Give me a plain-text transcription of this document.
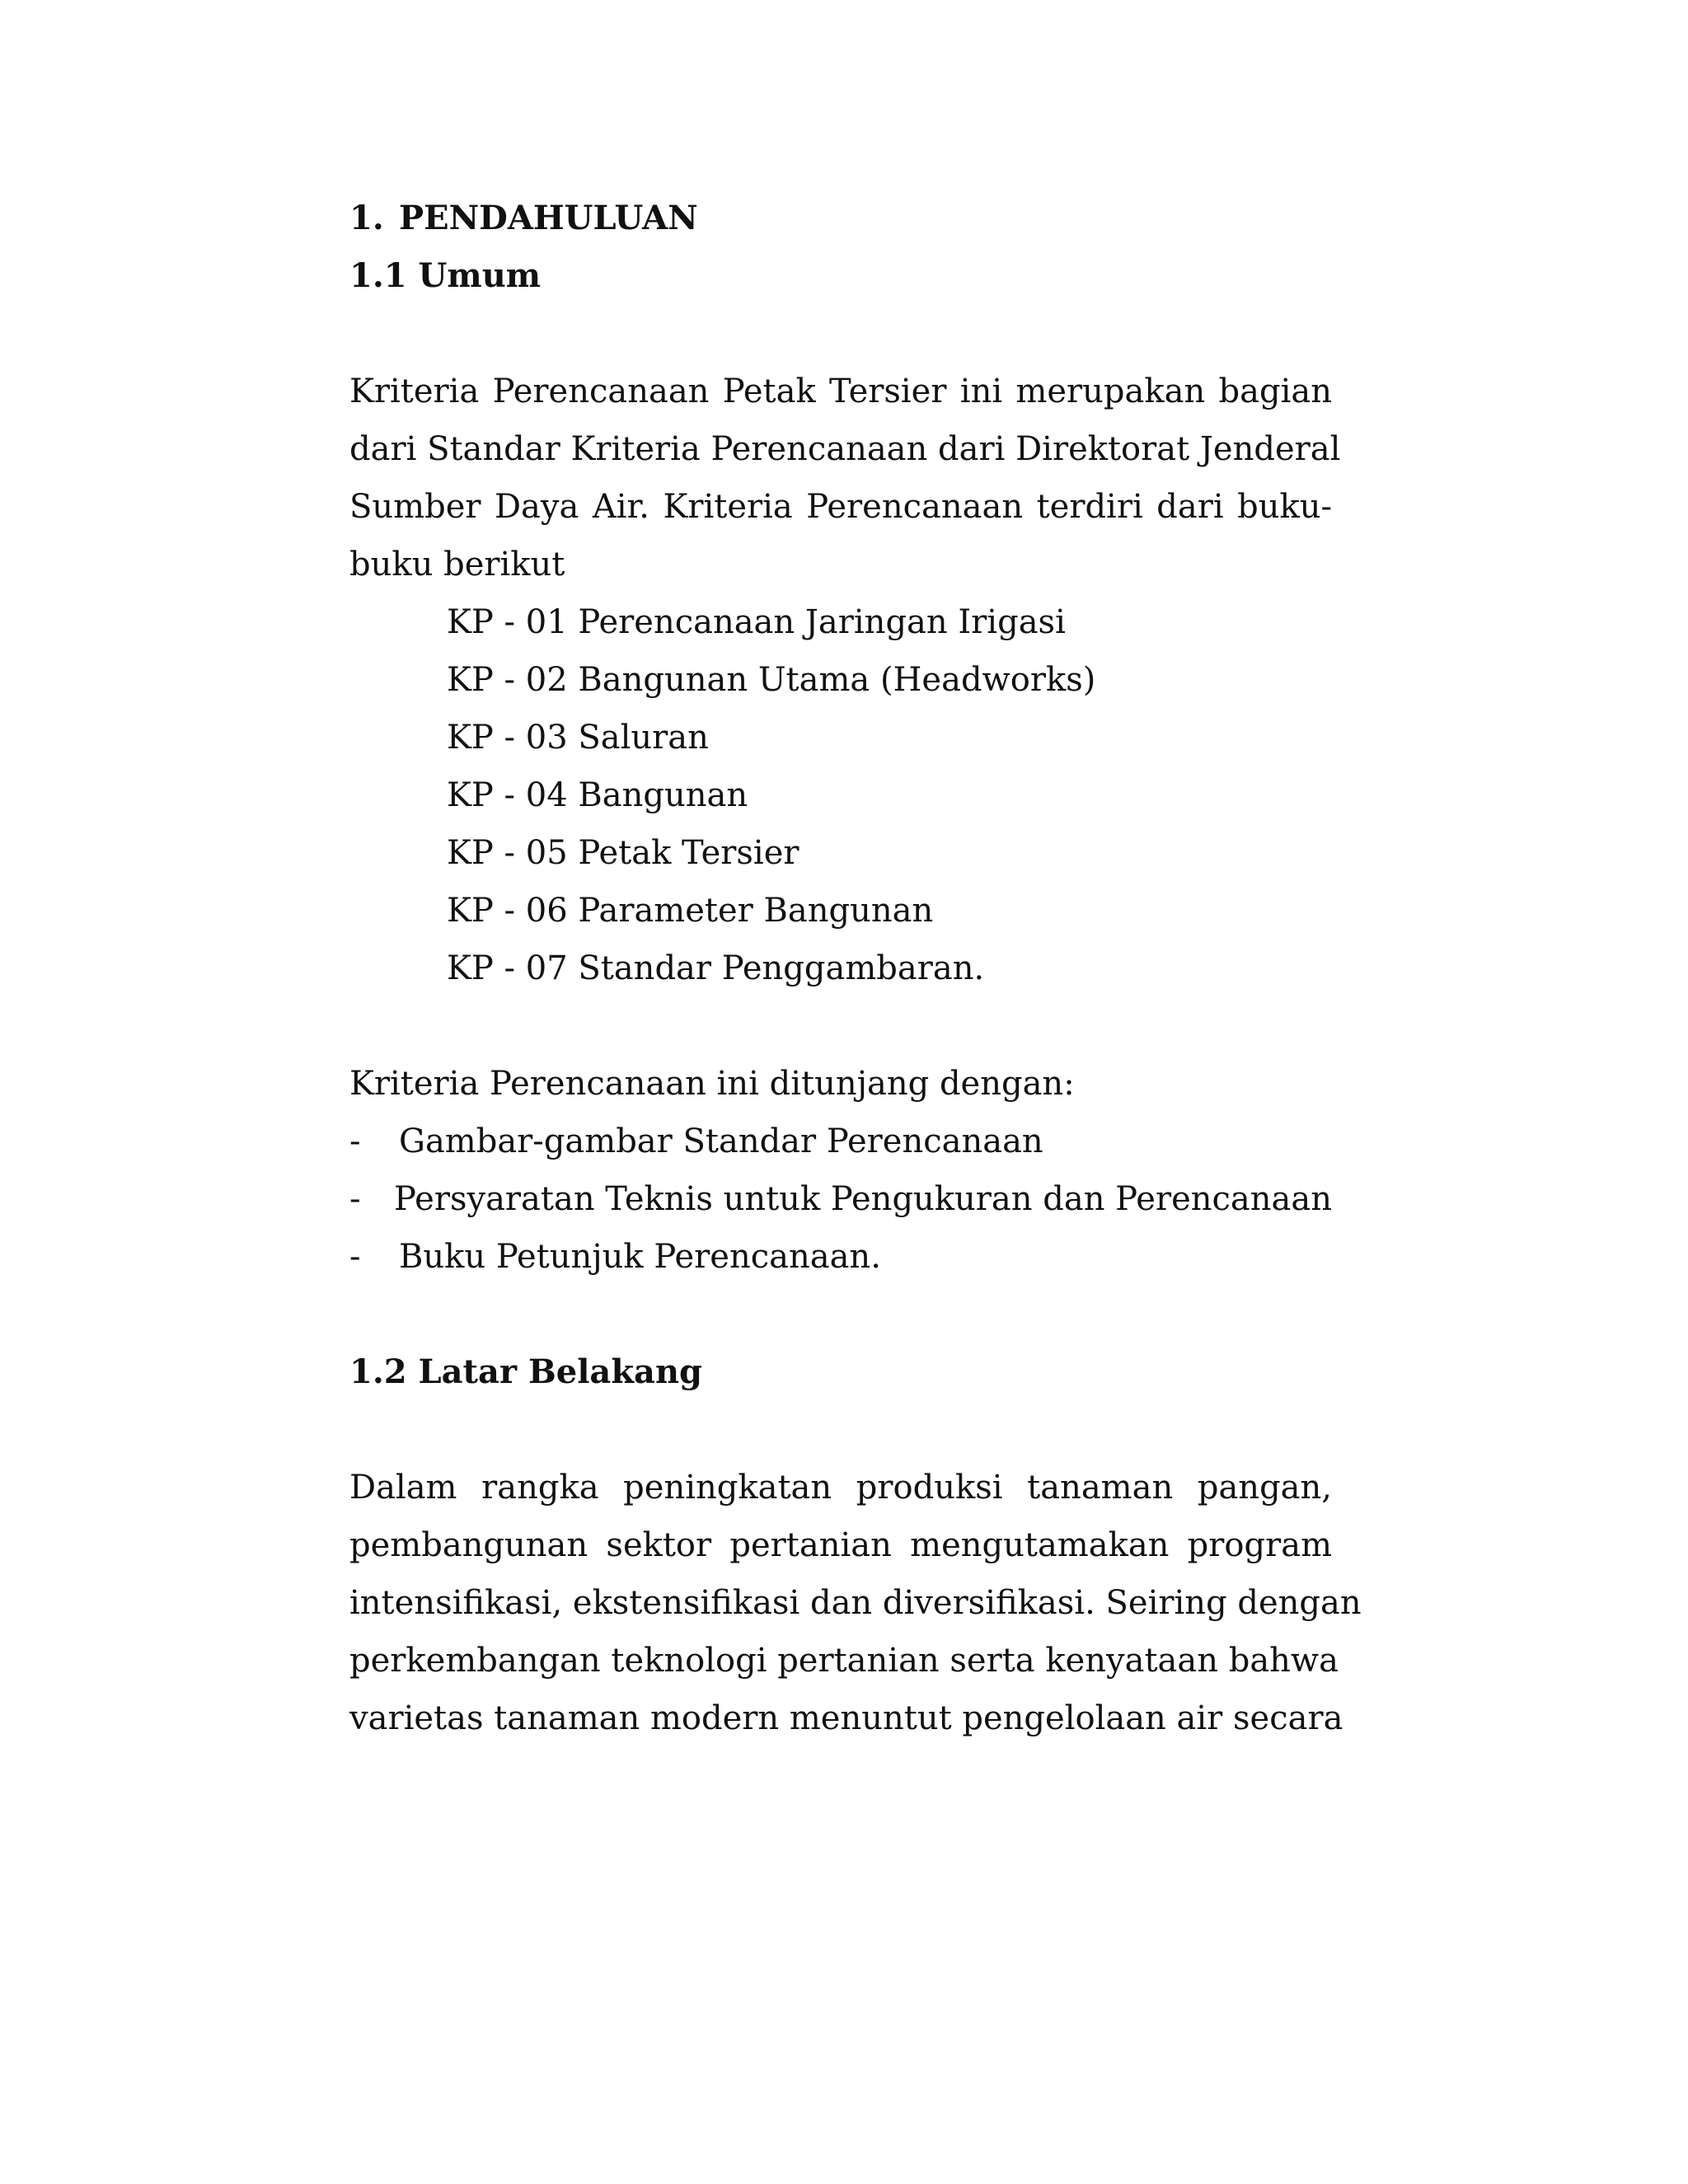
1. PENDAHULUAN
1.1 Umum
Kriteria Perencanaan Petak Tersier ini merupakan bagian
dari Standar Kriteria Perencanaan dari Direktorat Jenderal
Sumber Daya Air. Kriteria Perencanaan terdiri dari buku-
buku berikut
KP - 01 Perencanaan Jaringan Irigasi
KP - 02 Bangunan Utama (Headworks)
KP - 03 Saluran
KP - 04 Bangunan
KP - 05 Petak Tersier
KP - 06 Parameter Bangunan
KP - 07 Standar Penggambaran.
Kriteria Perencanaan ini ditunjang dengan:
-	Gambar-gambar Standar Perencanaan
-	Persyaratan Teknis untuk Pengukuran dan Perencanaan
-	Buku Petunjuk Perencanaan.
1.2 Latar Belakang
Dalam rangka peningkatan produksi tanaman pangan,
pembangunan sektor pertanian mengutamakan program
intensifikasi, ekstensifikasi dan diversifikasi. Seiring dengan
perkembangan teknologi pertanian serta kenyataan bahwa
varietas tanaman modern menuntut pengelolaan air secara
